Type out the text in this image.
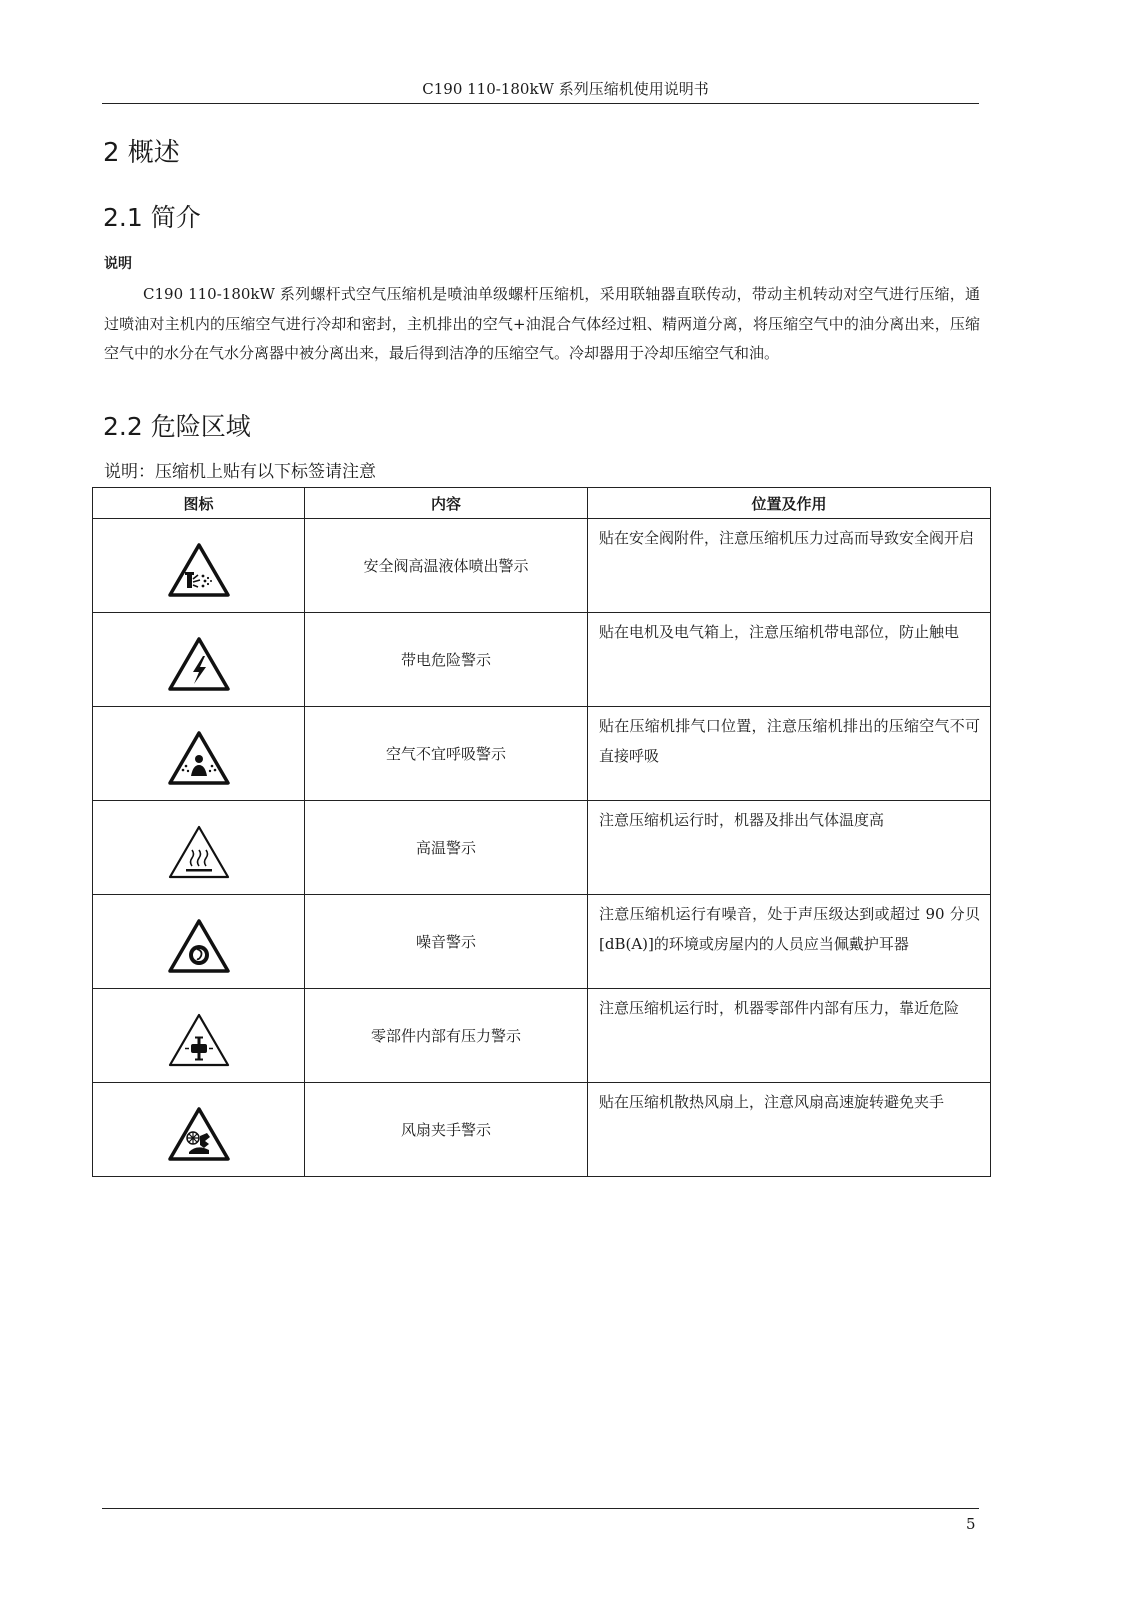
C190 110-180kW 系列压缩机使用说明书
2 概述
2.1 简介
说明

C190 110-180kW 系列螺杆式空气压缩机是喷油单级螺杆压缩机，采用联轴器直联传动，带动主机转动对空气进行压缩，通过喷油对主机内的压缩空气进行冷却和密封，主机排出的空气+油混合气体经过粗、精两道分离，将压缩空气中的油分离出来，压缩空气中的水分在气水分离器中被分离出来，最后得到洁净的压缩空气。冷却器用于冷却压缩空气和油。

2.2 危险区域
说明：压缩机上贴有以下标签请注意
图标	内容	位置及作用
	安全阀高温液体喷出警示	贴在安全阀附件，注意压缩机压力过高而导致安全阀开启
	带电危险警示	贴在电机及电气箱上，注意压缩机带电部位，防止触电
	空气不宜呼吸警示	贴在压缩机排气口位置，注意压缩机排出的压缩空气不可直接呼吸
	高温警示	注意压缩机运行时，机器及排出气体温度高
	噪音警示	注意压缩机运行有噪音，处于声压级达到或超过 90 分贝[dB(A)]的环境或房屋内的人员应当佩戴护耳器
	零部件内部有压力警示	注意压缩机运行时，机器零部件内部有压力，靠近危险
	风扇夹手警示	贴在压缩机散热风扇上，注意风扇高速旋转避免夹手
5
